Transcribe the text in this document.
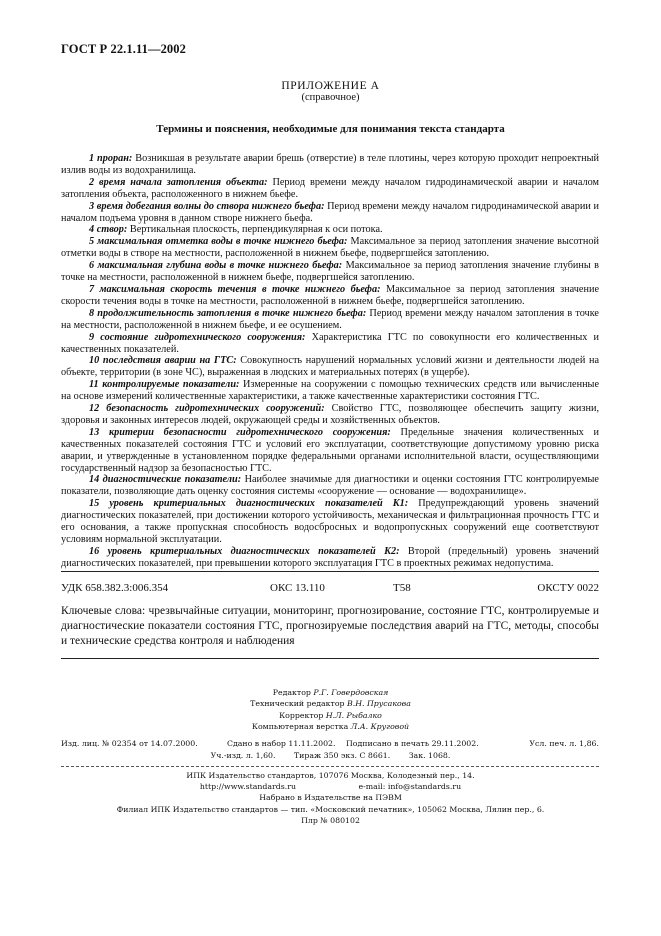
ГОСТ Р 22.1.11—2002
ПРИЛОЖЕНИЕ А
(справочное)
Термины и пояснения, необходимые для понимания текста стандарта

1 проран: Возникшая в результате аварии брешь (отверстие) в теле плотины, через которую проходит непроектный излив воды из водохранилища.

2 время начала затопления объекта: Период времени между началом гидродинамической аварии и началом затопления объекта, расположенного в нижнем бьефе.

3 время добегания волны до створа нижнего бьефа: Период времени между началом гидродинамической аварии и началом подъема уровня в данном створе нижнего бьефа.

4 створ: Вертикальная плоскость, перпендикулярная к оси потока.

5 максимальная отметка воды в точке нижнего бьефа: Максимальное за период затопления значение высотной отметки воды в створе на местности, расположенной в нижнем бьефе, подвергшейся затоплению.

6 максимальная глубина воды в точке нижнего бьефа: Максимальное за период затопления значение глубины в точке на местности, расположенной в нижнем бьефе, подвергшейся затоплению.

7 максимальная скорость течения в точке нижнего бьефа: Максимальное за период затопления значение скорости течения воды в точке на местности, расположенной в нижнем бьефе, подвергшейся затоплению.

8 продолжительность затопления в точке нижнего бьефа: Период времени между началом затопления в точке на местности, расположенной в нижнем бьефе, и ее осушением.

9 состояние гидротехнического сооружения: Характеристика ГТС по совокупности его количественных и качественных показателей.

10 последствия аварии на ГТС: Совокупность нарушений нормальных условий жизни и деятельности людей на объекте, территории (в зоне ЧС), выраженная в людских и материальных потерях (в ущербе).

11 контролируемые показатели: Измеренные на сооружении с помощью технических средств или вычисленные на основе измерений количественные характеристики, а также качественные характеристики состояния ГТС.

12 безопасность гидротехнических сооружений: Свойство ГТС, позволяющее обеспечить защиту жизни, здоровья и законных интересов людей, окружающей среды и хозяйственных объектов.

13 критерии безопасности гидротехнического сооружения: Предельные значения количественных и качественных показателей состояния ГТС и условий его эксплуатации, соответствующие допустимому уровню риска аварии, и утвержденные в установленном порядке федеральными органами исполнительной власти, осуществляющими государственный надзор за безопасностью ГТС.

14 диагностические показатели: Наиболее значимые для диагностики и оценки состояния ГТС контролируемые показатели, позволяющие дать оценку состояния системы «сооружение — основание — водохранилище».

15 уровень критериальных диагностических показателей K1: Предупреждающий уровень значений диагностических показателей, при достижении которого устойчивость, механическая и фильтрационная прочность ГТС и его основания, а также пропускная способность водосбросных и водопропускных сооружений еще соответствуют условиям нормальной эксплуатации.

16 уровень критериальных диагностических показателей K2: Второй (предельный) уровень значений диагностических показателей, при превышении которого эксплуатация ГТС в проектных режимах недопустима.

УДК 658.382.3:006.354	ОКС 13.110	Т58	ОКСТУ 0022
Ключевые слова: чрезвычайные ситуации, мониторинг, прогнозирование, состояние ГТС, контролируемые и диагностические показатели состояния ГТС, прогнозируемые последствия аварий на ГТС, методы, способы и технические средства контроля и наблюдения
Редактор Р.Г. Говердовская
Технический редактор В.Н. Прусакова
Корректор Н.Л. Рыбалко
Компьютерная верстка Л.А. Круговой
Изд. лиц. № 02354 от 14.07.2000.	Сдано в набор 11.11.2002. Подписано в печать 29.11.2002.	Усл. печ. л. 1,86.
Уч.-изд. л. 1,60. Тираж 350 экз. С 8661. Зак. 1068.
ИПК Издательство стандартов, 107076 Москва, Колодезный пер., 14.
http://www.standards.ru	e-mail: info@standards.ru
Набрано в Издательстве на ПЭВМ
Филиал ИПК Издательство стандартов — тип. «Московский печатник», 105062 Москва, Лялин пер., 6.
Плр № 080102
